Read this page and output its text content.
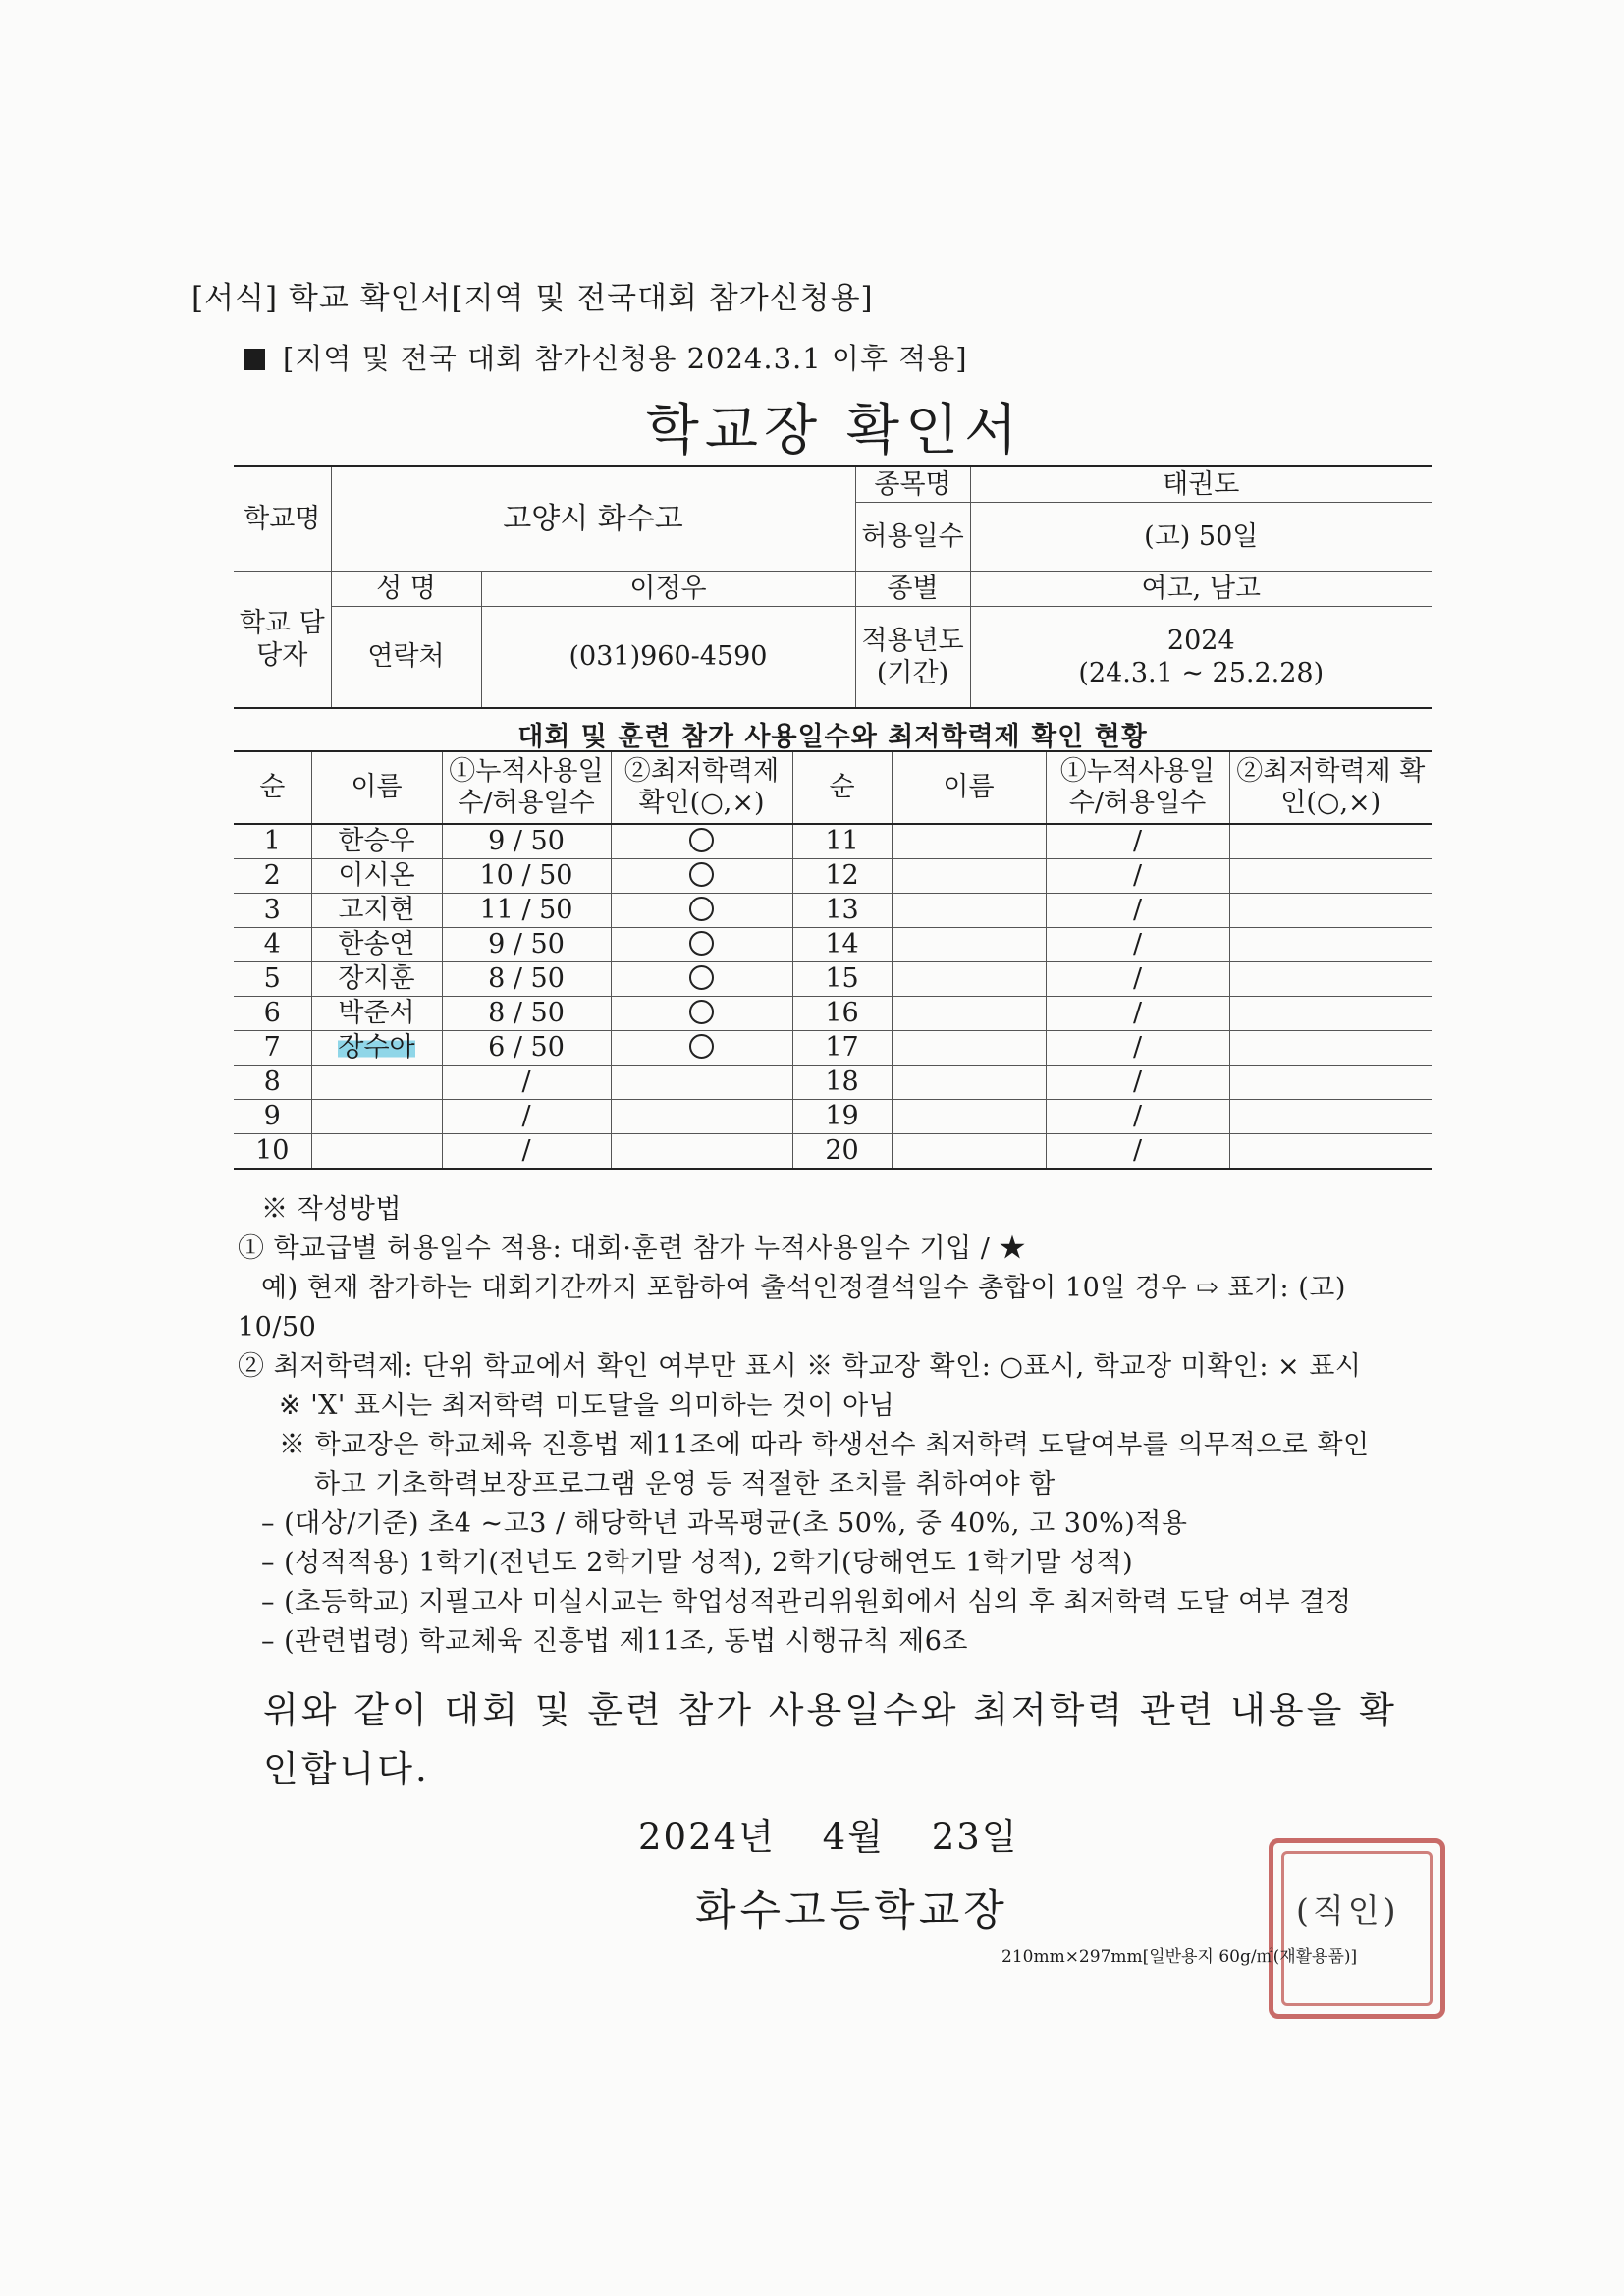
[서식] 학교 확인서[지역 및 전국대회 참가신청용]
[지역 및 전국 대회 참가신청용 2024.3.1 이후 적용]
학교장 확인서
학교명	고양시 화수고		종목명	태권도
			허용일수	(고) 50일
학교 담당자	성 명	이정우	종별	여고, 남고
	연락처	(031)960-4590	적용년도 (기간)	2024
(24.3.1 ~ 25.2.28)
대회 및 훈련 참가 사용일수와 최저학력제 확인 현황
순	이름	①누적사용일수/허용일수	②최저학력제 확인(○,×)	순	이름	①누적사용일수/허용일수	②최저학력제 확인(○,×)
1	한승우	9 / 50		11		/	
2	이시온	10 / 50		12		/	
3	고지현	11 / 50		13		/	
4	한송연	9 / 50		14		/	
5	장지훈	8 / 50		15		/	
6	박준서	8 / 50		16		/	
7	장수아	6 / 50		17		/	
8		/		18		/	
9		/		19		/	
10		/		20		/	
※ 작성방법
① 학교급별 허용일수 적용: 대회·훈련 참가 누적사용일수 기입 / ★
예) 현재 참가하는 대회기간까지 포함하여 출석인정결석일수 총합이 10일 경우 ⇨ 표기: (고)
10/50
② 최저학력제: 단위 학교에서 확인 여부만 표시 ※ 학교장 확인: ○표시, 학교장 미확인: × 표시
※ 'X' 표시는 최저학력 미도달을 의미하는 것이 아님
※ 학교장은 학교체육 진흥법 제11조에 따라 학생선수 최저학력 도달여부를 의무적으로 확인
하고 기초학력보장프로그램 운영 등 적절한 조치를 취하여야 함
– (대상/기준) 초4 ~고3 / 해당학년 과목평균(초 50%, 중 40%, 고 30%)적용
– (성적적용) 1학기(전년도 2학기말 성적), 2학기(당해연도 1학기말 성적)
– (초등학교) 지필고사 미실시교는 학업성적관리위원회에서 심의 후 최저학력 도달 여부 결정
– (관련법령) 학교체육 진흥법 제11조, 동법 시행규칙 제6조
위와 같이 대회 및 훈련 참가 사용일수와 최저학력 관련 내용을 확인합니다.
2024년 4월 23일
화수고등학교장	(직인)
210mm×297mm[일반용지 60g/㎡(재활용품)]
